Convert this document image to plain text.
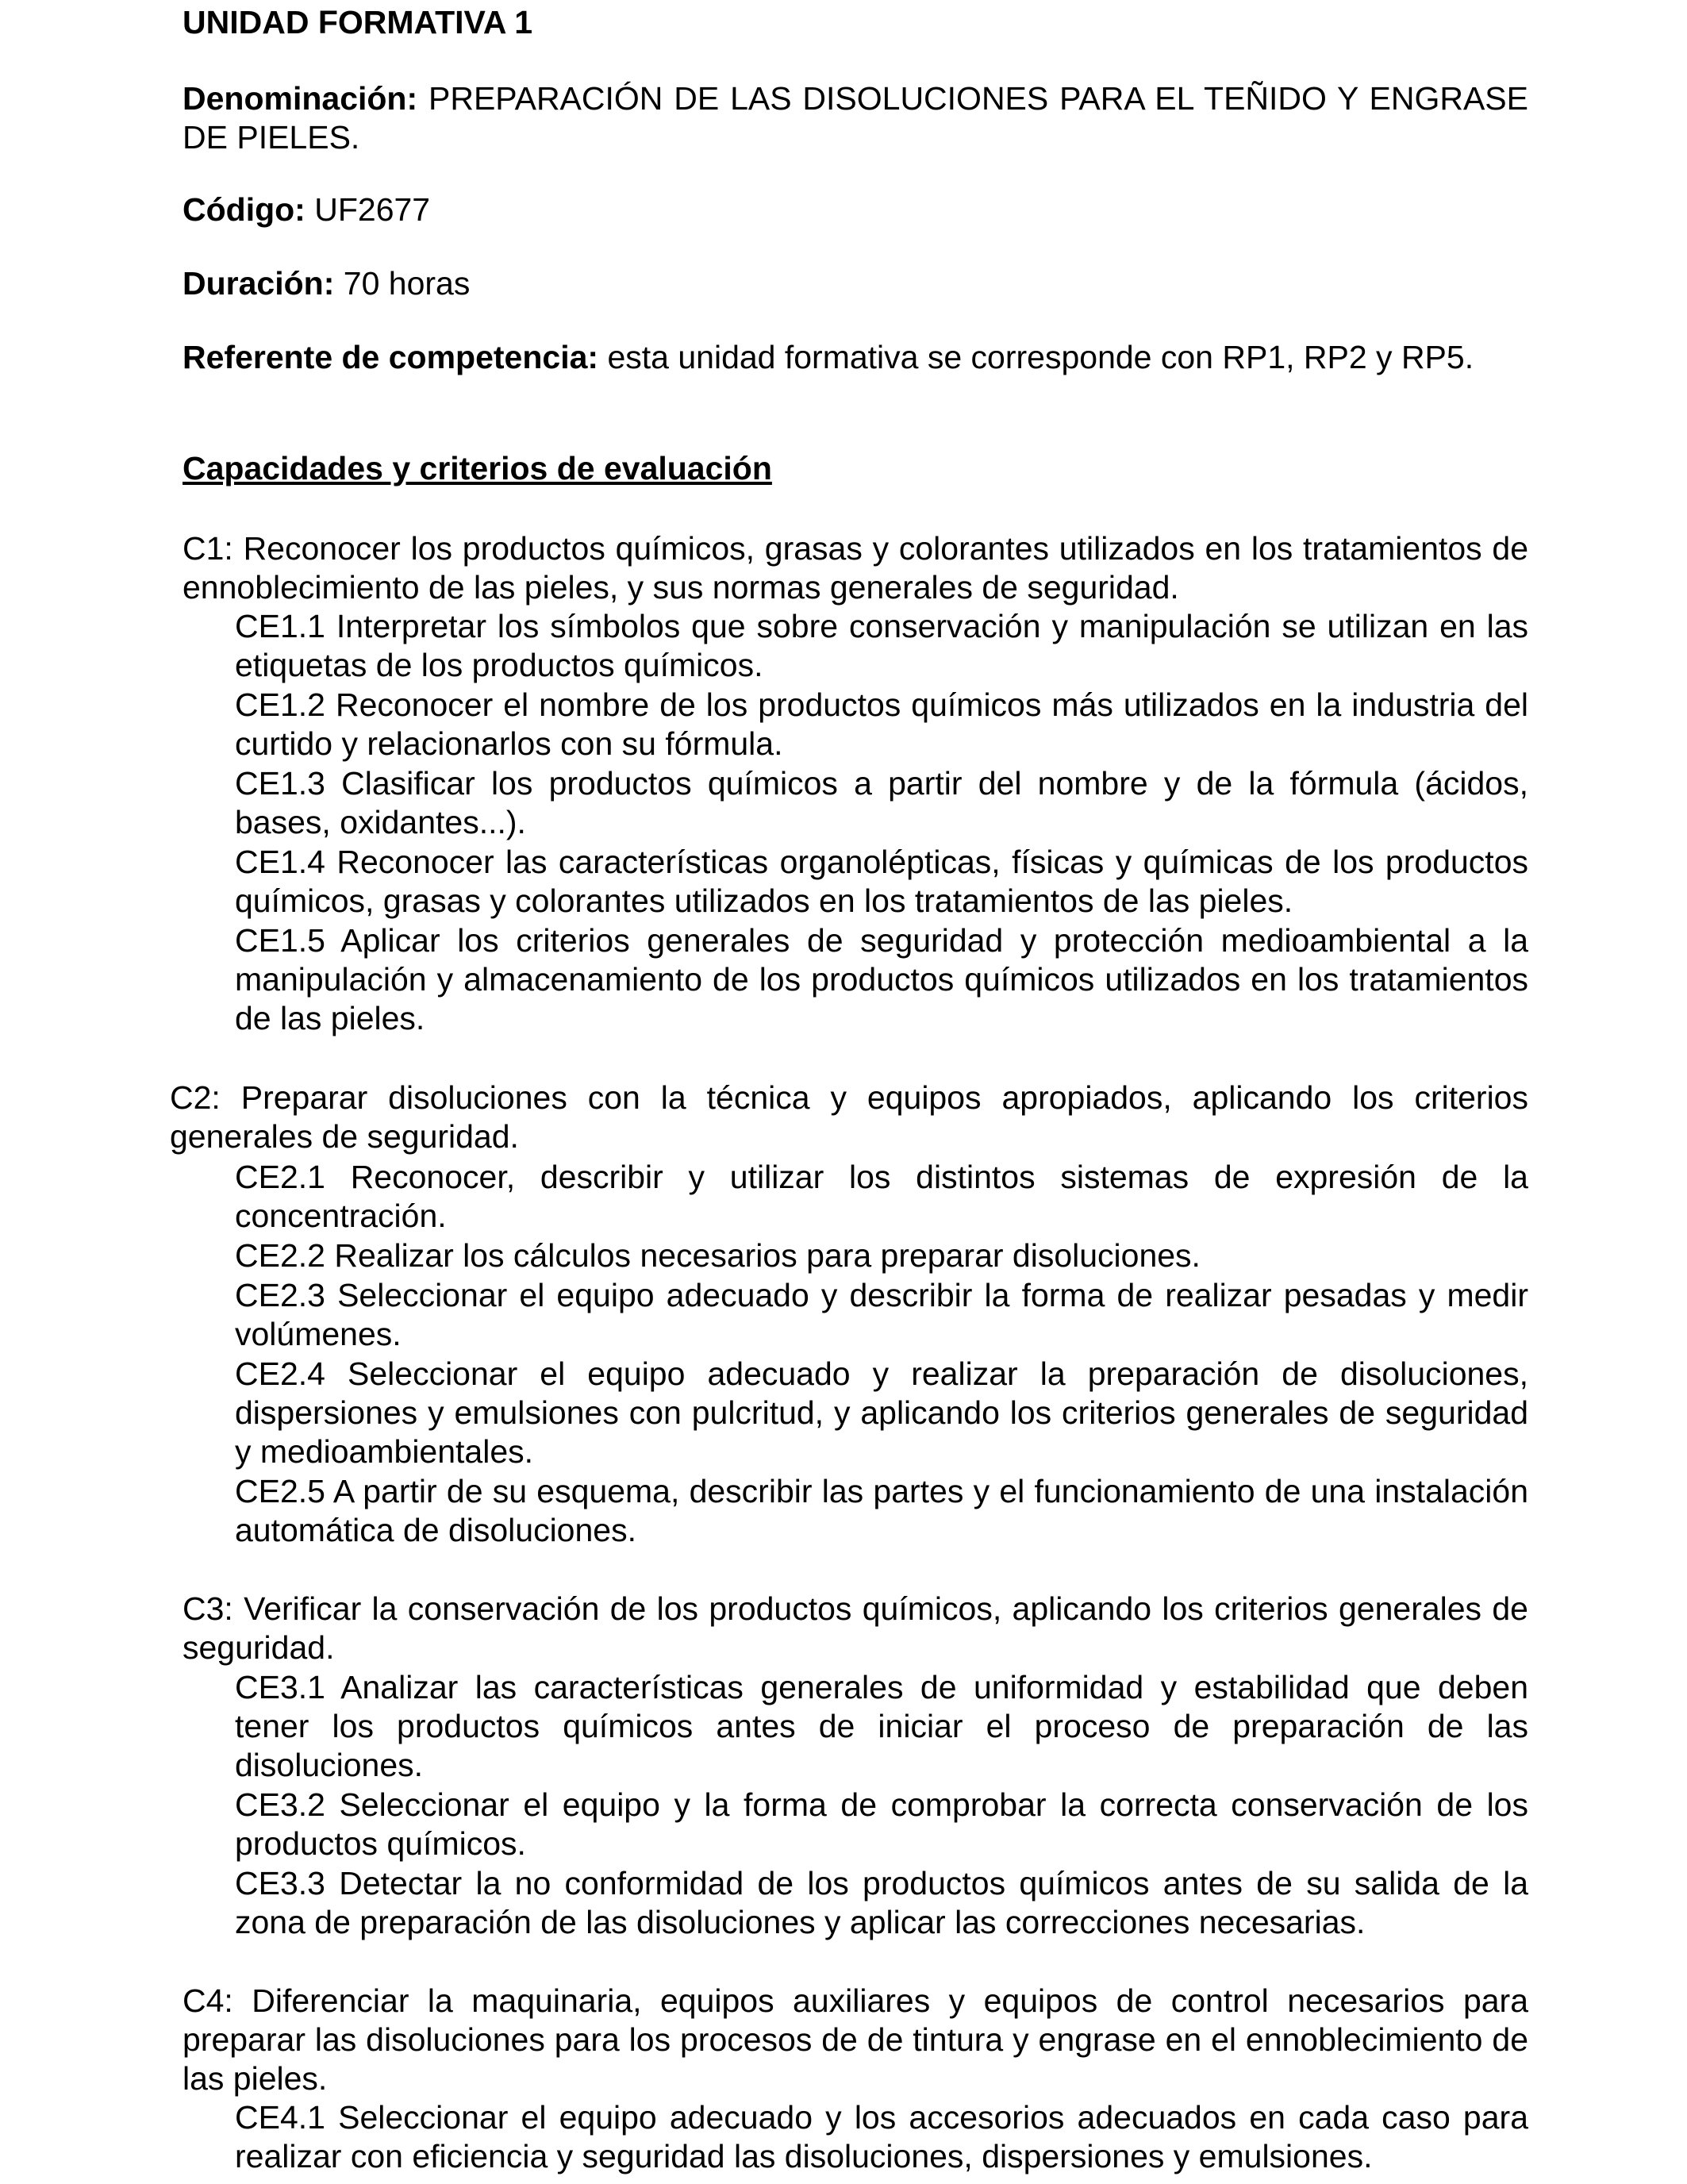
UNIDAD FORMATIVA 1

Denominación: PREPARACIÓN DE LAS DISOLUCIONES PARA EL TEÑIDO Y ENGRASE DE PIELES.

Código: UF2677

Duración: 70 horas

Referente de competencia: esta unidad formativa se corresponde con RP1, RP2 y RP5.

Capacidades y criterios de evaluación

C1: Reconocer los productos químicos, grasas y colorantes utilizados en los tratamientos de ennoblecimiento de las pieles, y sus normas generales de seguridad.

CE1.1 Interpretar los símbolos que sobre conservación y manipulación se utilizan en las etiquetas de los productos químicos.

CE1.2 Reconocer el nombre de los productos químicos más utilizados en la industria del curtido y relacionarlos con su fórmula.

CE1.3 Clasificar los productos químicos a partir del nombre y de la fórmula (ácidos, bases, oxidantes...).

CE1.4 Reconocer las características organolépticas, físicas y químicas de los productos químicos, grasas y colorantes utilizados en los tratamientos de las pieles.

CE1.5 Aplicar los criterios generales de seguridad y protección medioambiental a la manipulación y almacenamiento de los productos químicos utilizados en los tratamientos de las pieles.

C2: Preparar disoluciones con la técnica y equipos apropiados, aplicando los criterios generales de seguridad.

CE2.1 Reconocer, describir y utilizar los distintos sistemas de expresión de la concentración.

CE2.2 Realizar los cálculos necesarios para preparar disoluciones.

CE2.3 Seleccionar el equipo adecuado y describir la forma de realizar pesadas y medir volúmenes.

CE2.4 Seleccionar el equipo adecuado y realizar la preparación de disoluciones, dispersiones y emulsiones con pulcritud, y aplicando los criterios generales de seguridad y medioambientales.

CE2.5 A partir de su esquema, describir las partes y el funcionamiento de una instalación automática de disoluciones.

C3: Verificar la conservación de los productos químicos, aplicando los criterios generales de seguridad.

CE3.1 Analizar las características generales de uniformidad y estabilidad que deben tener los productos químicos antes de iniciar el proceso de preparación de las disoluciones.

CE3.2 Seleccionar el equipo y la forma de comprobar la correcta conservación de los productos químicos.

CE3.3 Detectar la no conformidad de los productos químicos antes de su salida de la zona de preparación de las disoluciones y aplicar las correcciones necesarias.

C4: Diferenciar la maquinaria, equipos auxiliares y equipos de control necesarios para preparar las disoluciones para los procesos de de tintura y engrase en el ennoblecimiento de las pieles.

CE4.1 Seleccionar el equipo adecuado y los accesorios adecuados en cada caso para realizar con eficiencia y seguridad las disoluciones, dispersiones y emulsiones.
